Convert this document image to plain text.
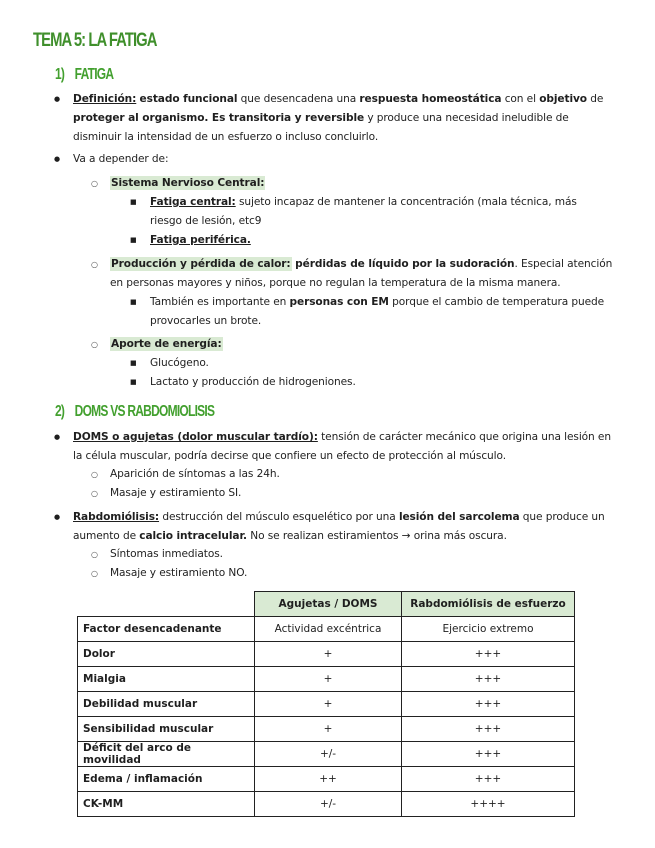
TEMA 5: LA FATIGA
1) FATIGA
●
Definición: estado funcional que desencadena una respuesta homeostática con el objetivo de
proteger al organismo. Es transitoria y reversible y produce una necesidad ineludible de
disminuir la intensidad de un esfuerzo o incluso concluirlo.
●
Va a depender de:
○
Sistema Nervioso Central:
■
Fatiga central: sujeto incapaz de mantener la concentración (mala técnica, más
riesgo de lesión, etc9
■
Fatiga periférica.
○
Producción y pérdida de calor: pérdidas de líquido por la sudoración. Especial atención
en personas mayores y niños, porque no regulan la temperatura de la misma manera.
■
También es importante en personas con EM porque el cambio de temperatura puede
provocarles un brote.
○
Aporte de energía:
■
Glucógeno.
■
Lactato y producción de hidrogeniones.
2) DOMS VS RABDOMIOLISIS
●
DOMS o agujetas (dolor muscular tardío): tensión de carácter mecánico que origina una lesión en
la célula muscular, podría decirse que confiere un efecto de protección al músculo.
○
Aparición de síntomas a las 24h.
○
Masaje y estiramiento SI.
●
Rabdomiólisis: destrucción del músculo esquelético por una lesión del sarcolema que produce un
aumento de calcio intracelular. No se realizan estiramientos → orina más oscura.
○
Síntomas inmediatos.
○
Masaje y estiramiento NO.
	Agujetas / DOMS	Rabdomiólisis de esfuerzo
Factor desencadenante	Actividad excéntrica	Ejercicio extremo
Dolor	+	+++
Mialgia	+	+++
Debilidad muscular	+	+++
Sensibilidad muscular	+	+++
Déficit del arco de movilidad	+/-	+++
Edema / inflamación	++	+++
CK-MM	+/-	++++
